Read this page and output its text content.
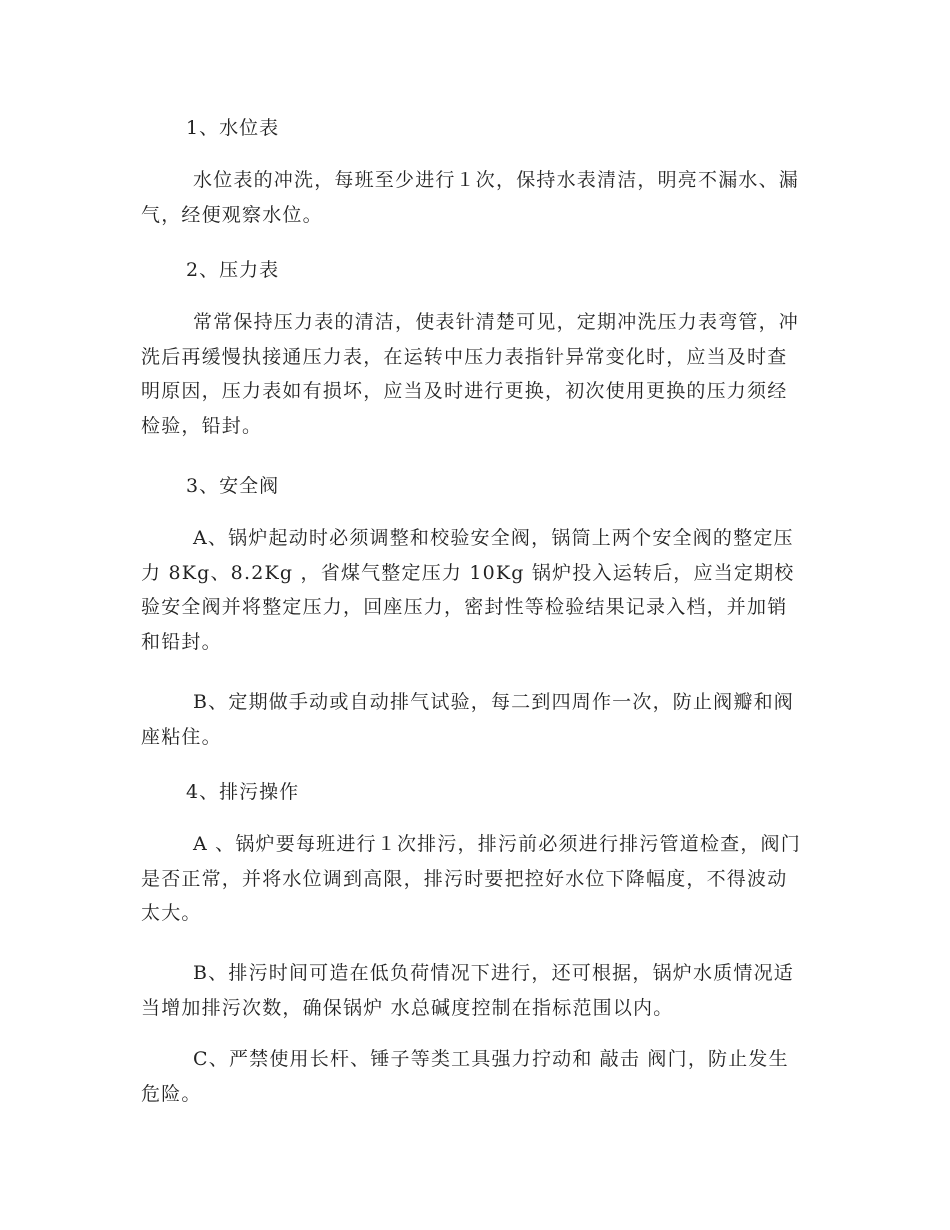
1、水位表

水位表的冲洗，每班至少进行１次，保持水表清洁，明亮不漏水、漏气，经便观察水位。

2、压力表

常常保持压力表的清洁，使表针清楚可见，定期冲洗压力表弯管，冲洗后再缓慢执接通压力表，在运转中压力表指针异常变化时，应当及时查明原因，压力表如有损坏，应当及时进行更换，初次使用更换的压力须经检验，铅封。

3、安全阀

A、锅炉起动时必须调整和校验安全阀，锅筒上两个安全阀的整定压力 8Kg、8.2Kg ，省煤气整定压力 10Kg 锅炉投入运转后，应当定期校验安全阀并将整定压力，回座压力，密封性等检验结果记录入档，并加销和铅封。

B、定期做手动或自动排气试验，每二到四周作一次，防止阀瓣和阀座粘住。

4、排污操作

A 、锅炉要每班进行１次排污，排污前必须进行排污管道检查，阀门是否正常，并将水位调到高限，排污时要把控好水位下降幅度，不得波动太大。

B、排污时间可造在低负荷情况下进行，还可根据，锅炉水质情况适当增加排污次数，确保锅炉 水总碱度控制在指标范围以内。

C、严禁使用长杆、锤子等类工具强力拧动和 敲击 阀门，防止发生危险。
